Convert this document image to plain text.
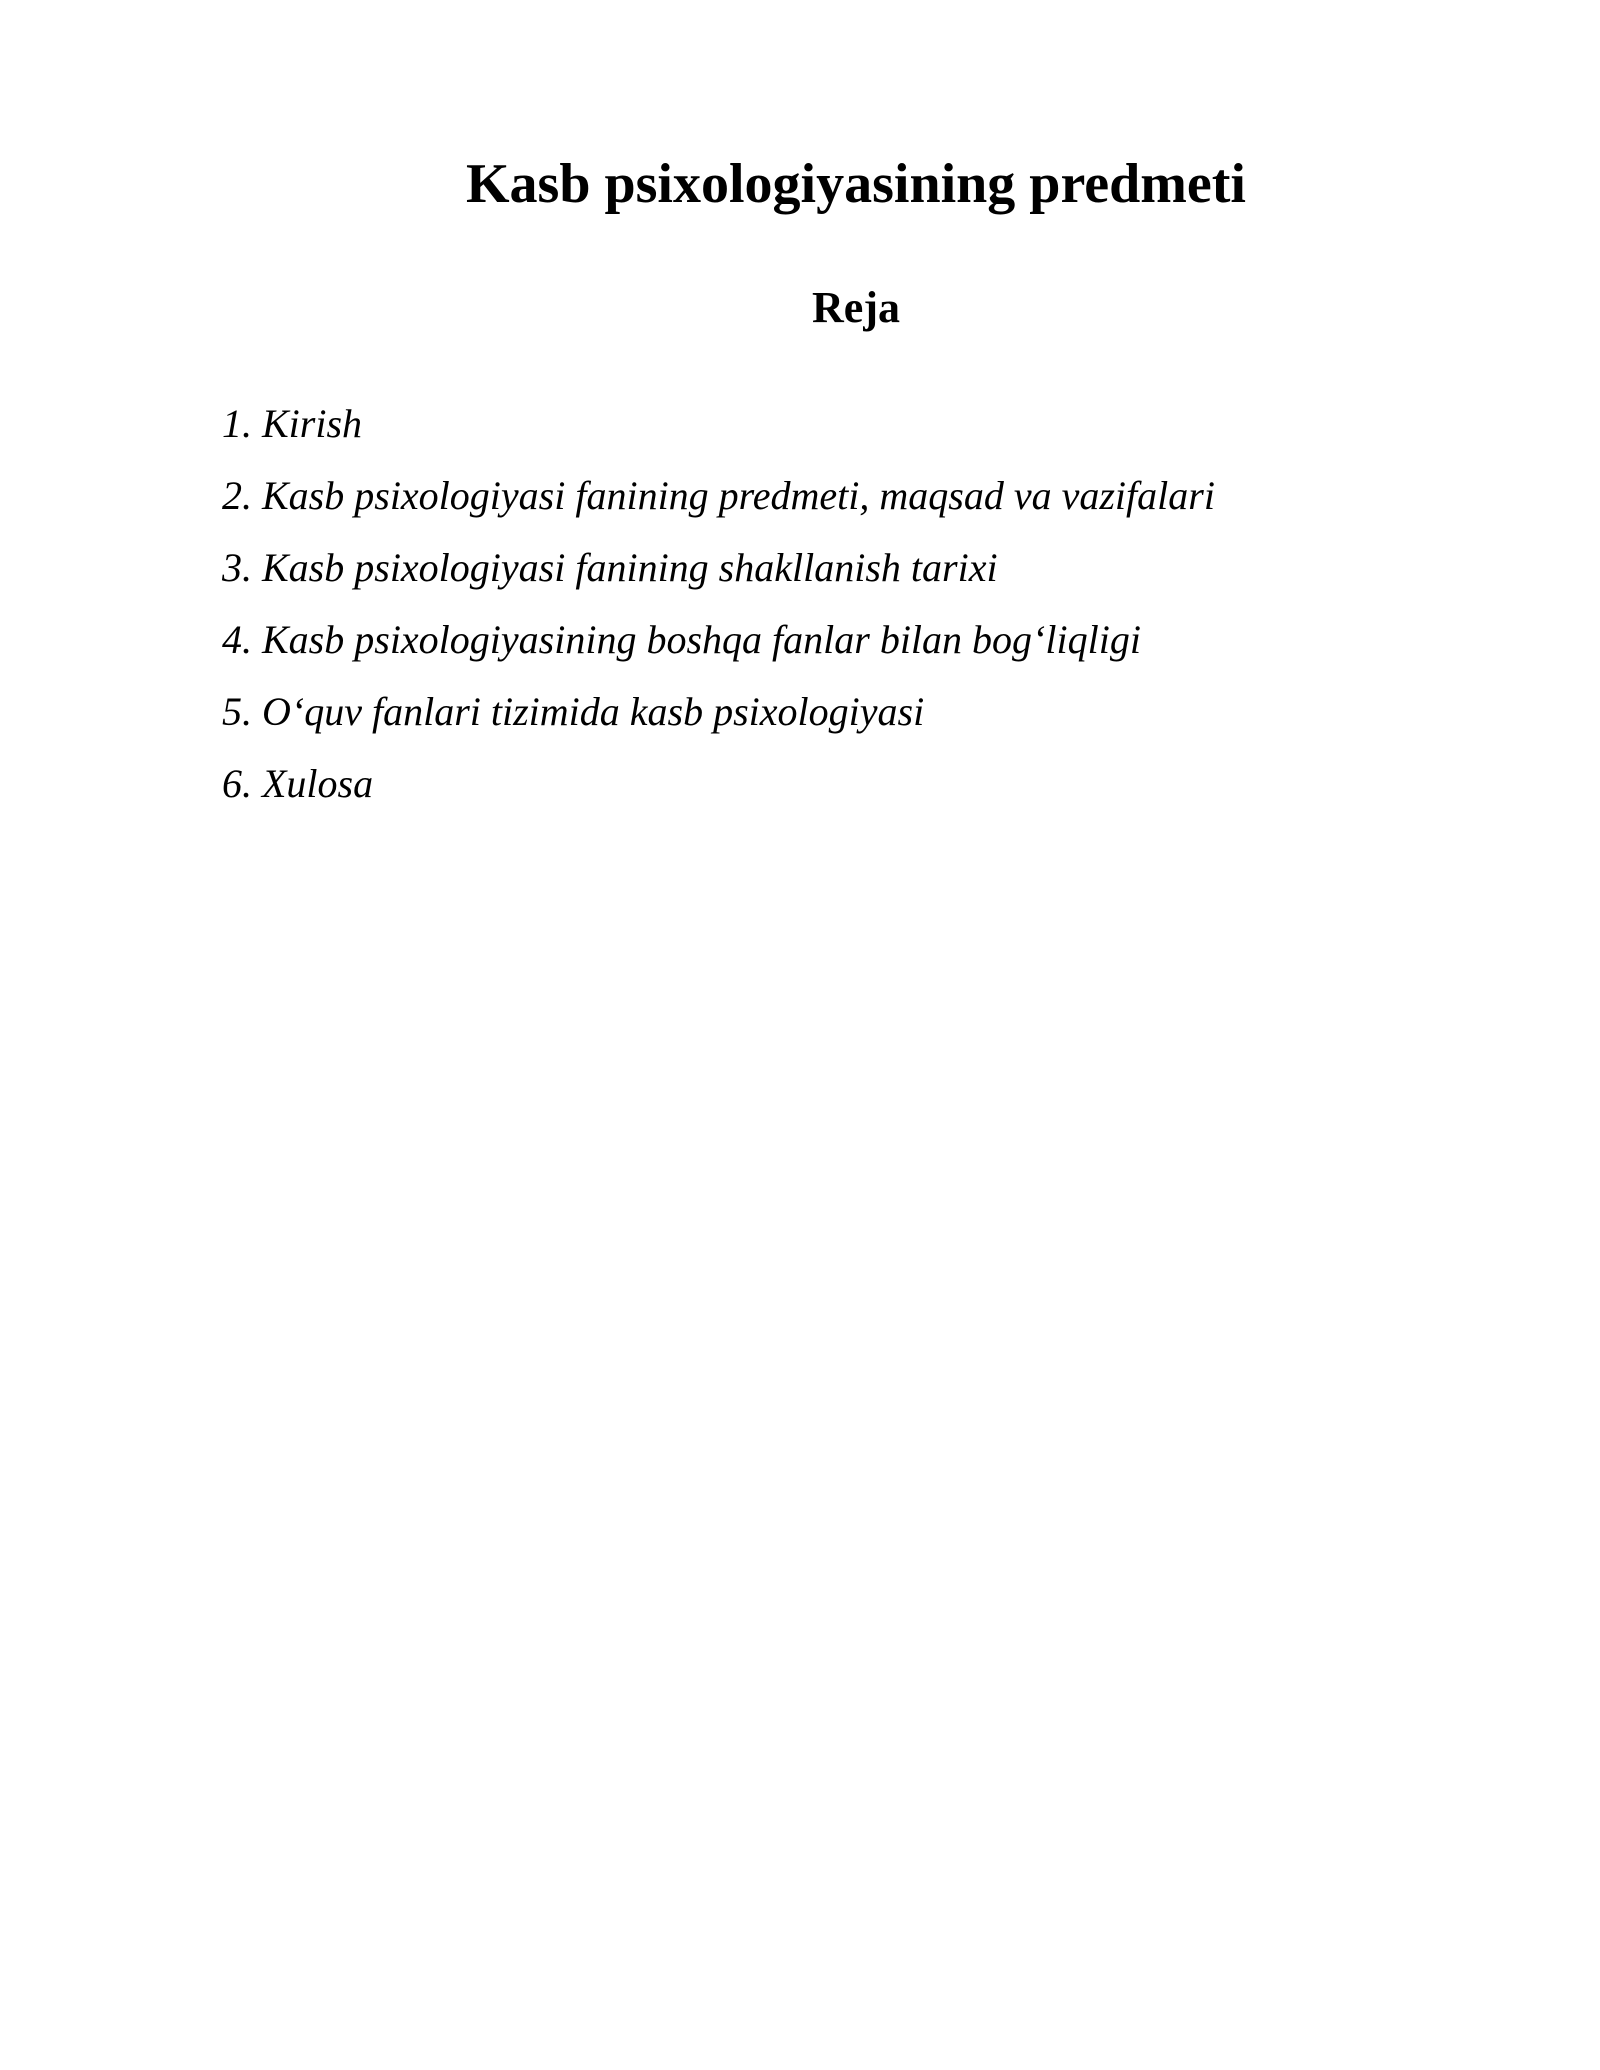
Kasb psixologiyasining predmeti
Reja
1. Kirish
2. Kasb psixologiyasi fanining predmeti, maqsad va vazifalari
3. Kasb psixologiyasi fanining shakllanish tarixi
4. Kasb psixologiyasining boshqa fanlar bilan bog‘liqligi
5. O‘quv fanlari tizimida kasb psixologiyasi
6. Xulosa
